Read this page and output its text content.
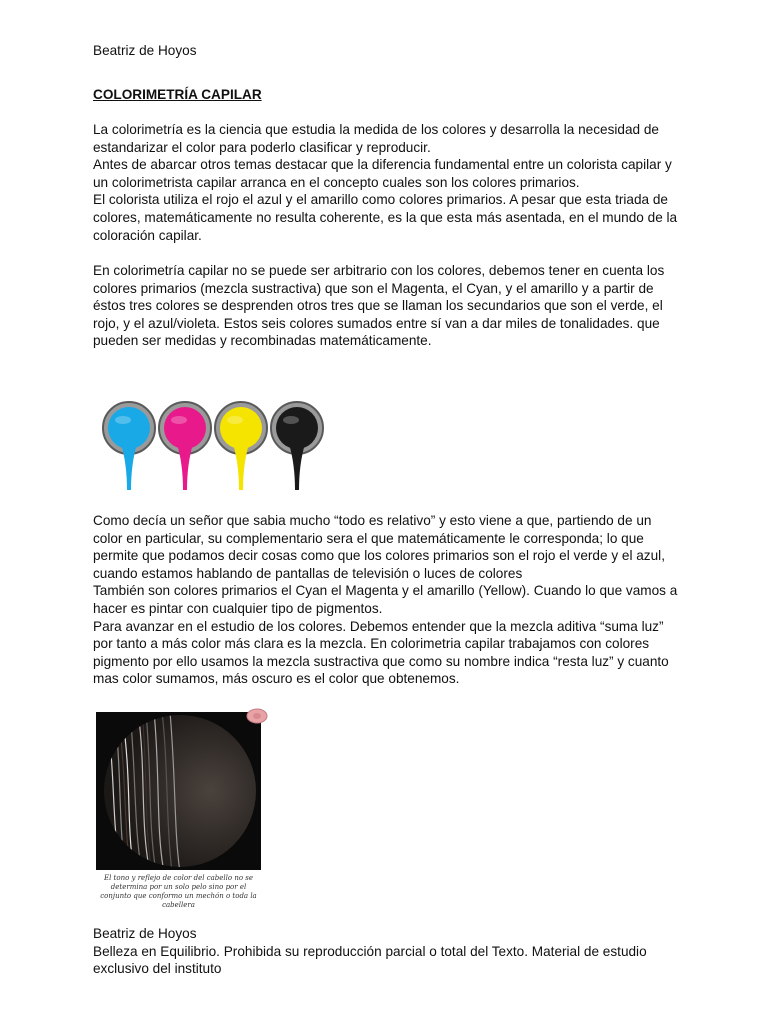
Beatriz de Hoyos
COLORIMETRÍA CAPILAR

La colorimetría es la ciencia que estudia la medida de los colores y desarrolla la necesidad de estandarizar el color para poderlo clasificar y reproducir.

Antes de abarcar otros temas destacar que la diferencia fundamental entre un colorista capilar y un colorimetrista capilar arranca en el concepto cuales son los colores primarios.

El colorista utiliza el rojo el azul y el amarillo como colores primarios. A pesar que esta triada de colores, matemáticamente no resulta coherente, es la que esta más asentada, en el mundo de la coloración capilar.

En colorimetría capilar no se puede ser arbitrario con los colores, debemos tener en cuenta los colores primarios (mezcla sustractiva) que son el Magenta, el Cyan, y el amarillo y a partir de éstos tres colores se desprenden otros tres que se llaman los secundarios que son el verde, el rojo, y el azul/violeta. Estos seis colores sumados entre sí van a dar miles de tonalidades. que pueden ser medidas y recombinadas matemáticamente.

Como decía un señor que sabia mucho “todo es relativo” y esto viene a que, partiendo de un color en particular, su complementario sera el que matemáticamente le corresponda; lo que permite que podamos decir cosas como que los colores primarios son el rojo el verde y el azul, cuando estamos hablando de pantallas de televisión o luces de colores

También son colores primarios el Cyan el Magenta y el amarillo (Yellow). Cuando lo que vamos a hacer es pintar con cualquier tipo de pigmentos.

Para avanzar en el estudio de los colores. Debemos entender que la mezcla aditiva “suma luz” por tanto a más color más clara es la mezcla. En colorimetria capilar trabajamos con colores pigmento por ello usamos la mezcla sustractiva que como su nombre indica “resta luz” y cuanto mas color sumamos, más oscuro es el color que obtenemos.

El tono y reflejo de color del cabello no se determina por un solo pelo sino por el conjunto que conformo un mechón o toda la cabellera

Beatriz de Hoyos

Belleza en Equilibrio. Prohibida su reproducción parcial o total del Texto. Material de estudio exclusivo del instituto
